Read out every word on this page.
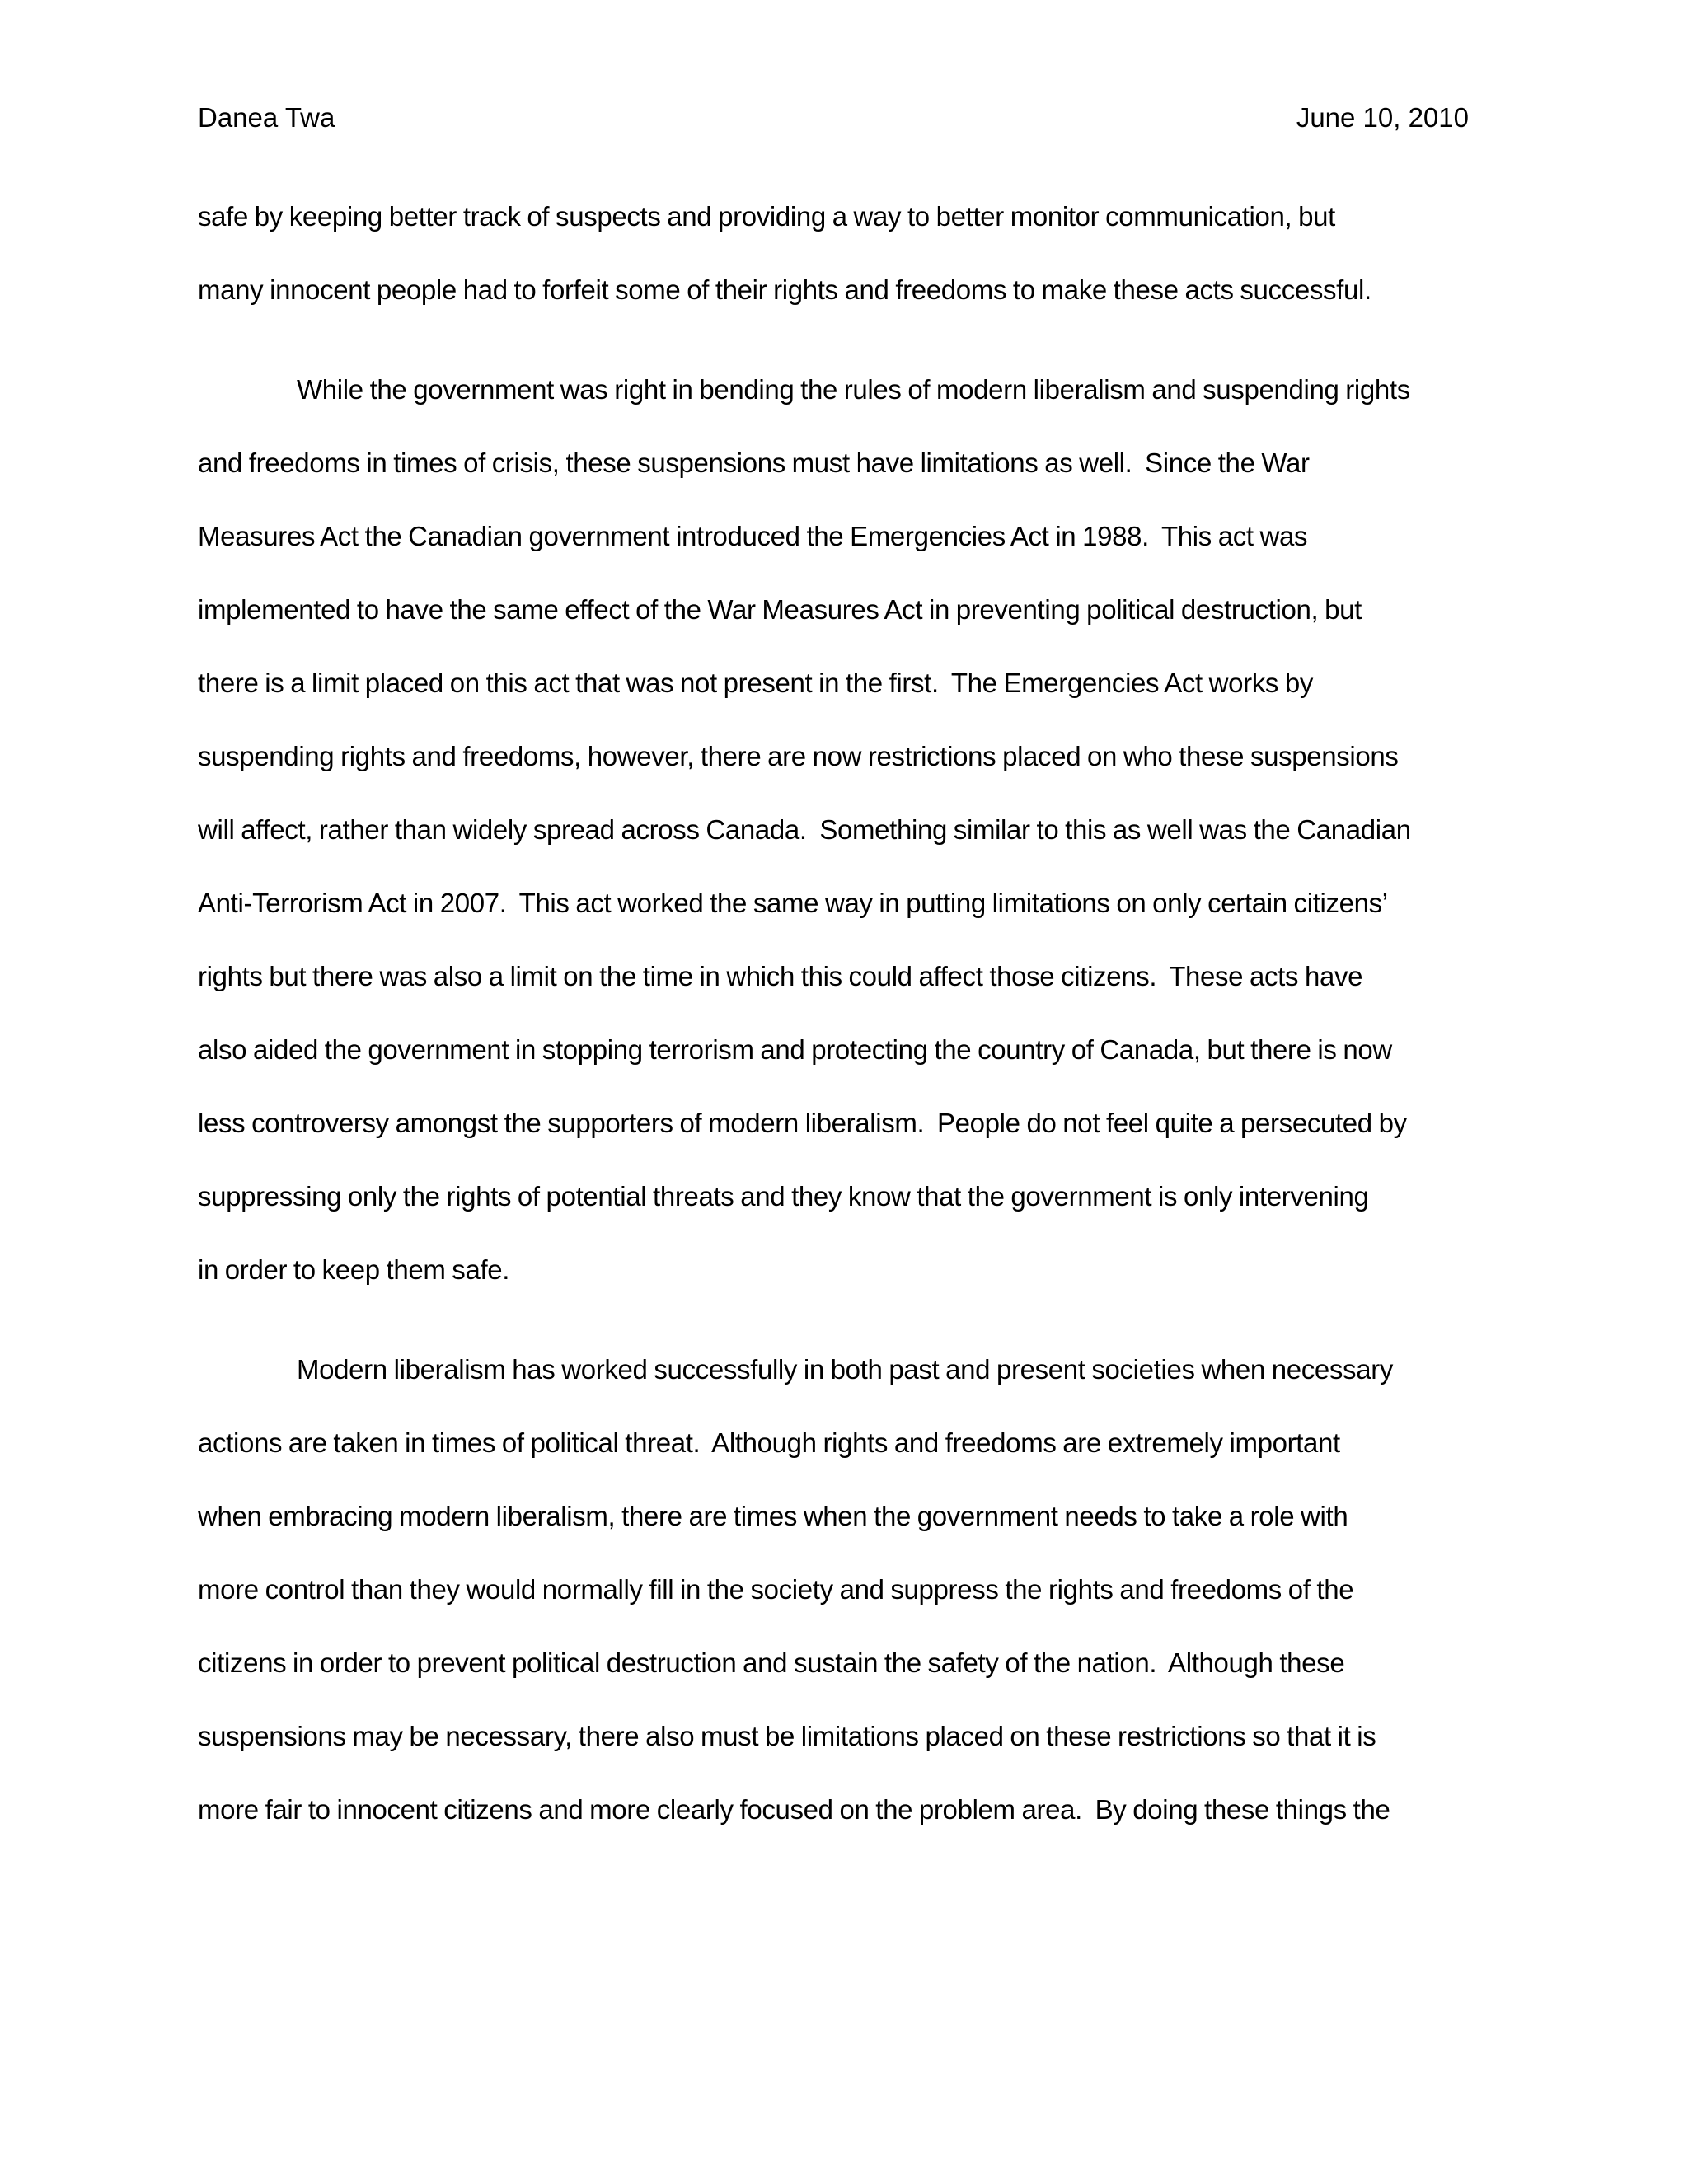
Danea Twa	June 10, 2010
safe by keeping better track of suspects and providing a way to better monitor communication, but
many innocent people had to forfeit some of their rights and freedoms to make these acts successful.
While the government was right in bending the rules of modern liberalism and suspending rights
and freedoms in times of crisis, these suspensions must have limitations as well.  Since the War
Measures Act the Canadian government introduced the Emergencies Act in 1988.  This act was
implemented to have the same effect of the War Measures Act in preventing political destruction, but
there is a limit placed on this act that was not present in the first.  The Emergencies Act works by
suspending rights and freedoms, however, there are now restrictions placed on who these suspensions
will affect, rather than widely spread across Canada.  Something similar to this as well was the Canadian
Anti-Terrorism Act in 2007.  This act worked the same way in putting limitations on only certain citizens’
rights but there was also a limit on the time in which this could affect those citizens.  These acts have
also aided the government in stopping terrorism and protecting the country of Canada, but there is now
less controversy amongst the supporters of modern liberalism.  People do not feel quite a persecuted by
suppressing only the rights of potential threats and they know that the government is only intervening
in order to keep them safe.
Modern liberalism has worked successfully in both past and present societies when necessary
actions are taken in times of political threat.  Although rights and freedoms are extremely important
when embracing modern liberalism, there are times when the government needs to take a role with
more control than they would normally fill in the society and suppress the rights and freedoms of the
citizens in order to prevent political destruction and sustain the safety of the nation.  Although these
suspensions may be necessary, there also must be limitations placed on these restrictions so that it is
more fair to innocent citizens and more clearly focused on the problem area.  By doing these things the
